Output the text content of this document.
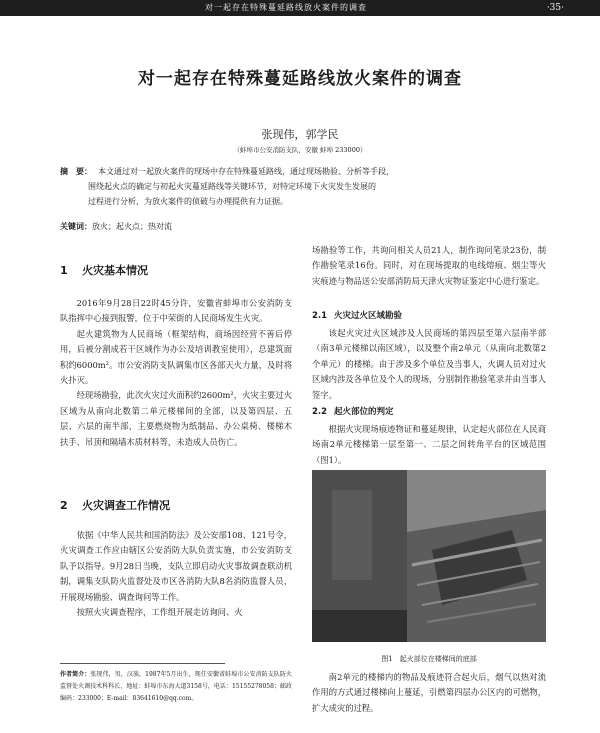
对一起存在特殊蔓延路线放火案件的调查	·35·
对一起存在特殊蔓延路线放火案件的调查
张现伟，郭学民
（蚌埠市公安消防支队，安徽 蚌埠 233000）
摘　要： 本文通过对一起放火案件的现场中存在特殊蔓延路线，通过现场勘验、分析等手段，
围绕起火点的确定与初起火灾蔓延路线等关键环节，对特定环境下火灾发生发展的
过程进行分析，为放火案件的侦破与办理提供有力证据。
关键词：放火；起火点；热对流
1 火灾基本情况

2016年9月28日22时45分许，安徽省蚌埠市公安消防支队指挥中心接到报警，位于中荣街的人民商场发生火灾。

起火建筑物为人民商场（框架结构，商场因经营不善后停用，后被分割成若干区域作为办公及培训教室使用），总建筑面积约6000m²。市公安消防支队调集市区各部天火力量，及时将火扑灭。

经现场勘验，此次火灾过火面积约2600m²，火灾主要过火区域为从南向北数第二单元楼梯间的全部，以及第四层、五层、六层的南半部，主要燃烧物为纸制品、办公桌椅、楼梯木扶手、吊顶和隔墙木质材料等，未造成人员伤亡。

2 火灾调查工作情况

依据《中华人民共和国消防法》及公安部108、121号令，火灾调查工作应由辖区公安消防大队负责实施，市公安消防支队予以指导。9月28日当晚，支队立即启动火灾事故调查联动机制，调集支队防火监督处及市区各消防大队8名消防监督人员，开展现场勘验、调查询问等工作。

按照火灾调查程序，工作组开展走访询问、火

场勘验等工作，共询问相关人员21人，制作询问笔录23份，制作勘验笔录16份。同时，对在现场提取的电线熔痕、烟尘等火灾痕迹与物品送公安部消防局天津火灾物证鉴定中心进行鉴定。

2.1 火灾过火区域勘验

该起火灾过火区域涉及人民商场的第四层至第六层南半部（南3单元楼梯以南区域），以及整个南2单元（从南向北数第2个单元）的楼梯。由于涉及多个单位及当事人，火调人员对过火区域内涉及各单位及个人的现场，分别制作勘验笔录并由当事人签字。

2.2 起火部位的判定

根据火灾现场痕迹物证和蔓延规律，认定起火部位在人民商场南2单元楼梯第一层至第一、二层之间转角平台的区域范围（图1）。

图1　起火部位在楼梯间的底部

南2单元的楼梯内的物品及痕迹符合起火后，烟气以热对流作用的方式通过楼梯向上蔓延，引燃第四层办公区内的可燃物，扩大成灾的过程。

作者简介：张现伟，男，汉族，1987年5月出生，现任安徽省蚌埠市公安消防支队防火监督处火调技术科科长，地址：蚌埠市东海大道3158号，电话：15155278058；邮政编码：233000；E-mail：83641610@qq.com。
